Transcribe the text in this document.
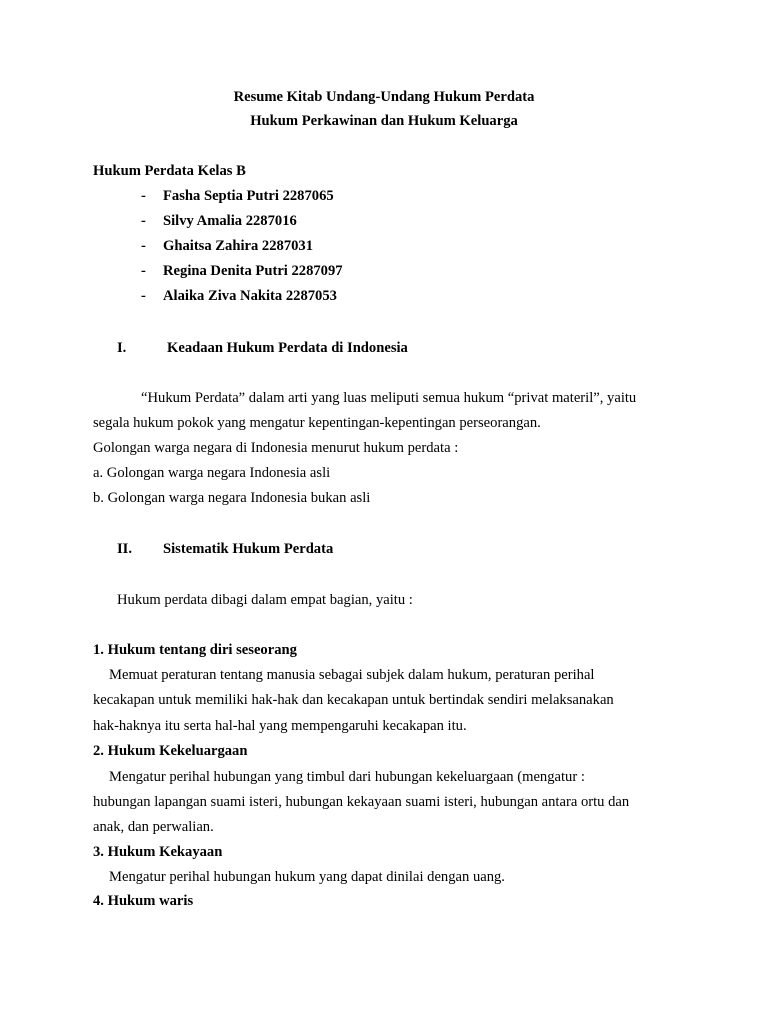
Resume Kitab Undang-Undang Hukum Perdata
Hukum Perkawinan dan Hukum Keluarga
Hukum Perdata Kelas B
- Fasha Septia Putri 2287065
- Silvy Amalia 2287016
- Ghaitsa Zahira 2287031
- Regina Denita Putri 2287097
- Alaika Ziva Nakita 2287053
I.	Keadaan Hukum Perdata di Indonesia
“Hukum Perdata” dalam arti yang luas meliputi semua hukum “privat materil”, yaitu
segala hukum pokok yang mengatur kepentingan-kepentingan perseorangan.
Golongan warga negara di Indonesia menurut hukum perdata :
a. Golongan warga negara Indonesia asli
b. Golongan warga negara Indonesia bukan asli
II. Sistematik Hukum Perdata
Hukum perdata dibagi dalam empat bagian, yaitu :
1. Hukum tentang diri seseorang
Memuat peraturan tentang manusia sebagai subjek dalam hukum, peraturan perihal
kecakapan untuk memiliki hak-hak dan kecakapan untuk bertindak sendiri melaksanakan
hak-haknya itu serta hal-hal yang mempengaruhi kecakapan itu.
2. Hukum Kekeluargaan
Mengatur perihal hubungan yang timbul dari hubungan kekeluargaan (mengatur :
hubungan lapangan suami isteri, hubungan kekayaan suami isteri, hubungan antara ortu dan
anak, dan perwalian.
3. Hukum Kekayaan
Mengatur perihal hubungan hukum yang dapat dinilai dengan uang.
4. Hukum waris
